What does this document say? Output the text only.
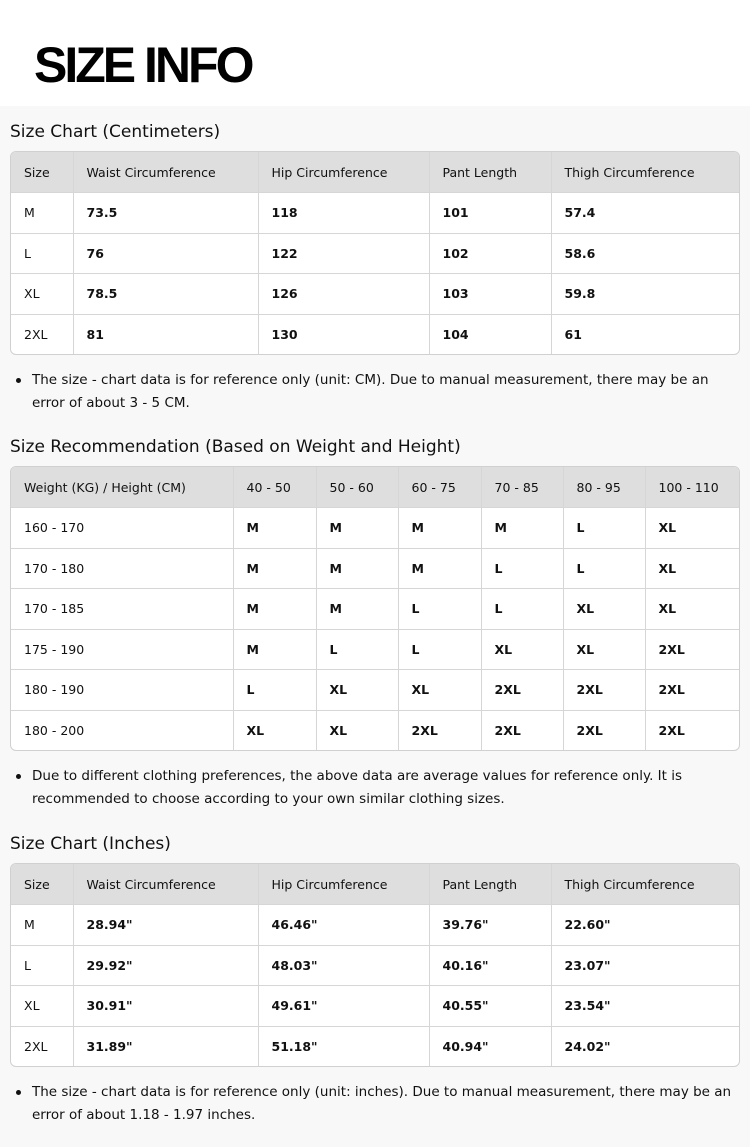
SIZE INFO
Size Chart (Centimeters)
Size	Waist Circumference	Hip Circumference	Pant Length	Thigh Circumference
M	73.5	118	101	57.4
L	76	122	102	58.6
XL	78.5	126	103	59.8
2XL	81	130	104	61

The size - chart data is for reference only (unit: CM). Due to manual measurement, there may be an error of about 3 - 5 CM.

Size Recommendation (Based on Weight and Height)
Weight (KG) / Height (CM)	40 - 50	50 - 60	60 - 75	70 - 85	80 - 95	100 - 110
160 - 170	M	M	M	M	L	XL
170 - 180	M	M	M	L	L	XL
170 - 185	M	M	L	L	XL	XL
175 - 190	M	L	L	XL	XL	2XL
180 - 190	L	XL	XL	2XL	2XL	2XL
180 - 200	XL	XL	2XL	2XL	2XL	2XL

Due to different clothing preferences, the above data are average values for reference only. It is recommended to choose according to your own similar clothing sizes.

Size Chart (Inches)
Size	Waist Circumference	Hip Circumference	Pant Length	Thigh Circumference
M	28.94"	46.46"	39.76"	22.60"
L	29.92"	48.03"	40.16"	23.07"
XL	30.91"	49.61"	40.55"	23.54"
2XL	31.89"	51.18"	40.94"	24.02"

The size - chart data is for reference only (unit: inches). Due to manual measurement, there may be an error of about 1.18 - 1.97 inches.
